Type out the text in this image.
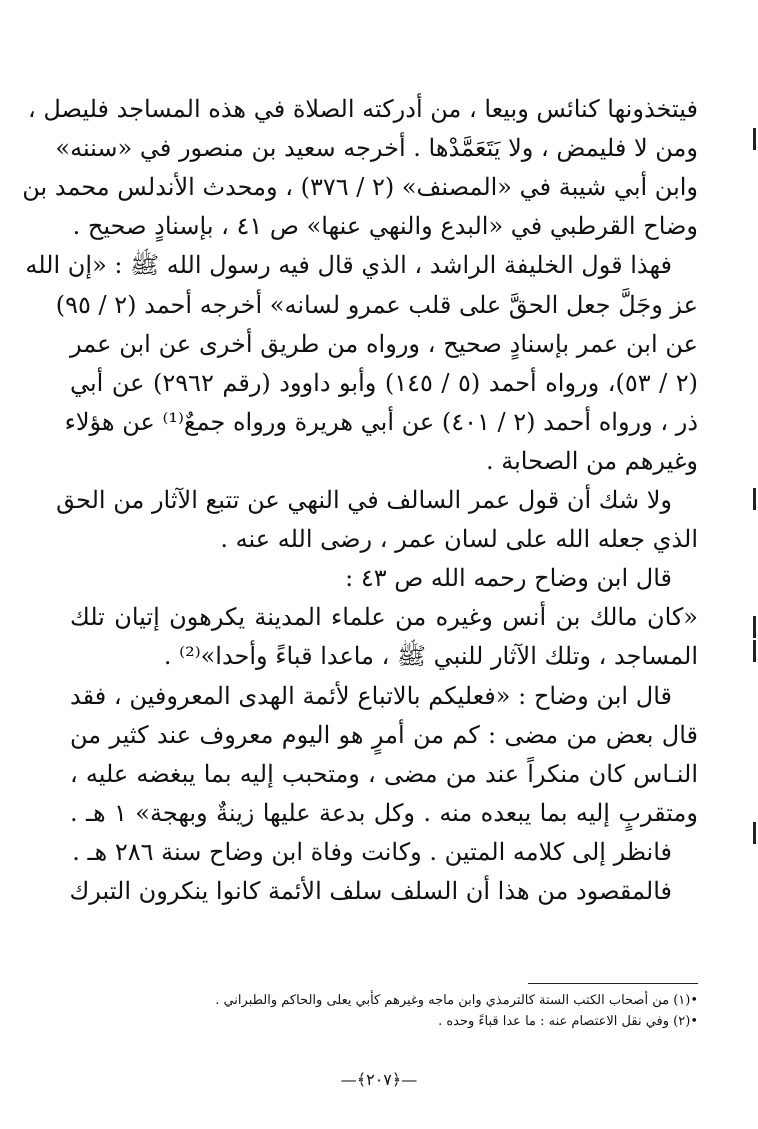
فيتخذونها كنائس وبيعا ، من أدركته الصلاة في هذه المساجد فليصل ،
ومن لا فليمض ، ولا يَتَعَمَّدْها . أخرجه سعيد بن منصور في «سننه»
وابن أبي شيبة في «المصنف» (٢ / ٣٧٦) ، ومحدث الأندلس محمد بن
وضاح القرطبي في «البدع والنهي عنها» ص ٤١ ، بإسنادٍ صحيح .
فهذا قول الخليفة الراشد ، الذي قال فيه رسول الله ﷺ : «إن الله
عز وجَلَّ جعل الحقَّ على قلب عمرو لسانه» أخرجه أحمد (٢ / ٩٥)
عن ابن عمر بإسنادٍ صحيح ، ورواه من طريق أخرى عن ابن عمر
(٢ / ٥٣)، ورواه أحمد (٥ / ١٤٥) وأبو داوود (رقم ٢٩٦٢) عن أبي
ذر ، ورواه أحمد (٢ / ٤٠١) عن أبي هريرة ورواه جمعٌ⁽¹⁾ عن هؤلاء
وغيرهم من الصحابة .
ولا شك أن قول عمر السالف في النهي عن تتبع الآثار من الحق
الذي جعله الله على لسان عمر ، رضى الله عنه .
قال ابن وضاح رحمه الله ص ٤٣ :
«كان مالك بن أنس وغيره من علماء المدينة يكرهون إتيان تلك
المساجد ، وتلك الآثار للنبي ﷺ ، ماعدا قباءً وأحدا»⁽²⁾ .
قال ابن وضاح : «فعليكم بالاتباع لأئمة الهدى المعروفين ، فقد
قال بعض من مضى : كم من أمرٍ هو اليوم معروف عند كثير من
النـاس كان منكراً عند من مضى ، ومتحبب إليه بما يبغضه عليه ،
ومتقربٍ إليه بما يبعده منه . وكل بدعة عليها زينةٌ وبهجة» ١ هـ .
فانظر إلى كلامه المتين . وكانت وفاة ابن وضاح سنة ٢٨٦ هـ .
فالمقصود من هذا أن السلف سلف الأئمة كانوا ينكرون التبرك
•(١) من أصحاب الكتب الستة كالترمذي وابن ماجه وغيرهم كأبي يعلى والحاكم والطبراني .
•(٢) وفي نقل الاعتصام عنه : ما عدا قباءً وحده .
—﴿٢٠٧﴾—
